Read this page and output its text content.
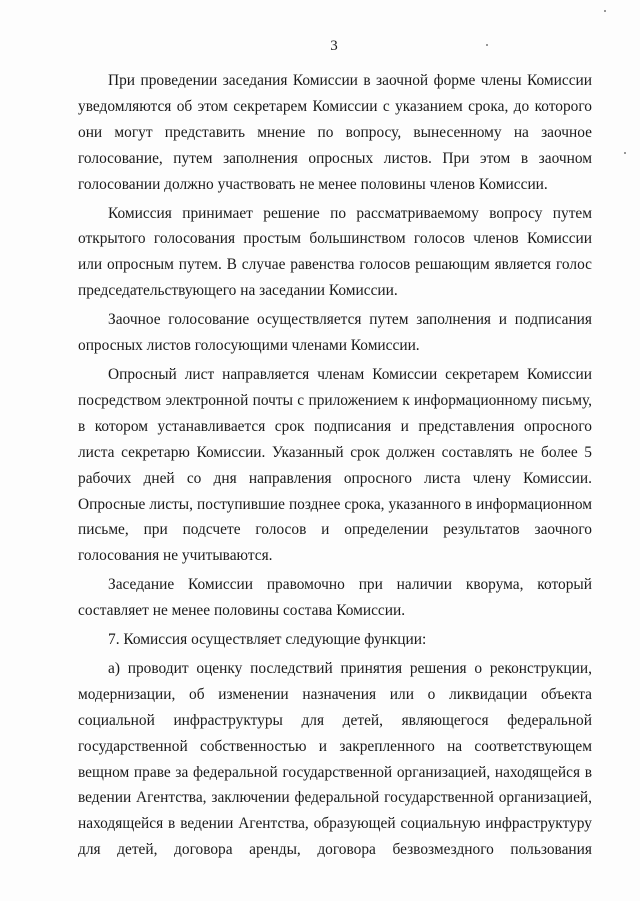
3

При проведении заседания Комиссии в заочной форме члены Комиссии уведомляются об этом секретарем Комиссии с указанием срока, до которого они могут представить мнение по вопросу, вынесенному на заочное голосование, путем заполнения опросных листов. При этом в заочном голосовании должно участвовать не менее половины членов Комиссии.

Комиссия принимает решение по рассматриваемому вопросу путем открытого голосования простым большинством голосов членов Комиссии или опросным путем. В случае равенства голосов решающим является голос председательствующего на заседании Комиссии.

Заочное голосование осуществляется путем заполнения и подписания опросных листов голосующими членами Комиссии.

Опросный лист направляется членам Комиссии секретарем Комиссии посредством электронной почты с приложением к информационному письму, в котором устанавливается срок подписания и представления опросного листа секретарю Комиссии. Указанный срок должен составлять не более 5 рабочих дней со дня направления опросного листа члену Комиссии. Опросные листы, поступившие позднее срока, указанного в информационном письме, при подсчете голосов и определении результатов заочного голосования не учитываются.

Заседание Комиссии правомочно при наличии кворума, который составляет не менее половины состава Комиссии.

7. Комиссия осуществляет следующие функции:

а) проводит оценку последствий принятия решения о реконструкции, модернизации, об изменении назначения или о ликвидации объекта социальной инфраструктуры для детей, являющегося федеральной государственной собственностью и закрепленного на соответствующем вещном праве за федеральной государственной организацией, находящейся в ведении Агентства, заключении федеральной государственной организацией, находящейся в ведении Агентства, образующей социальную инфраструктуру для детей, договора аренды, договора безвозмездного пользования
